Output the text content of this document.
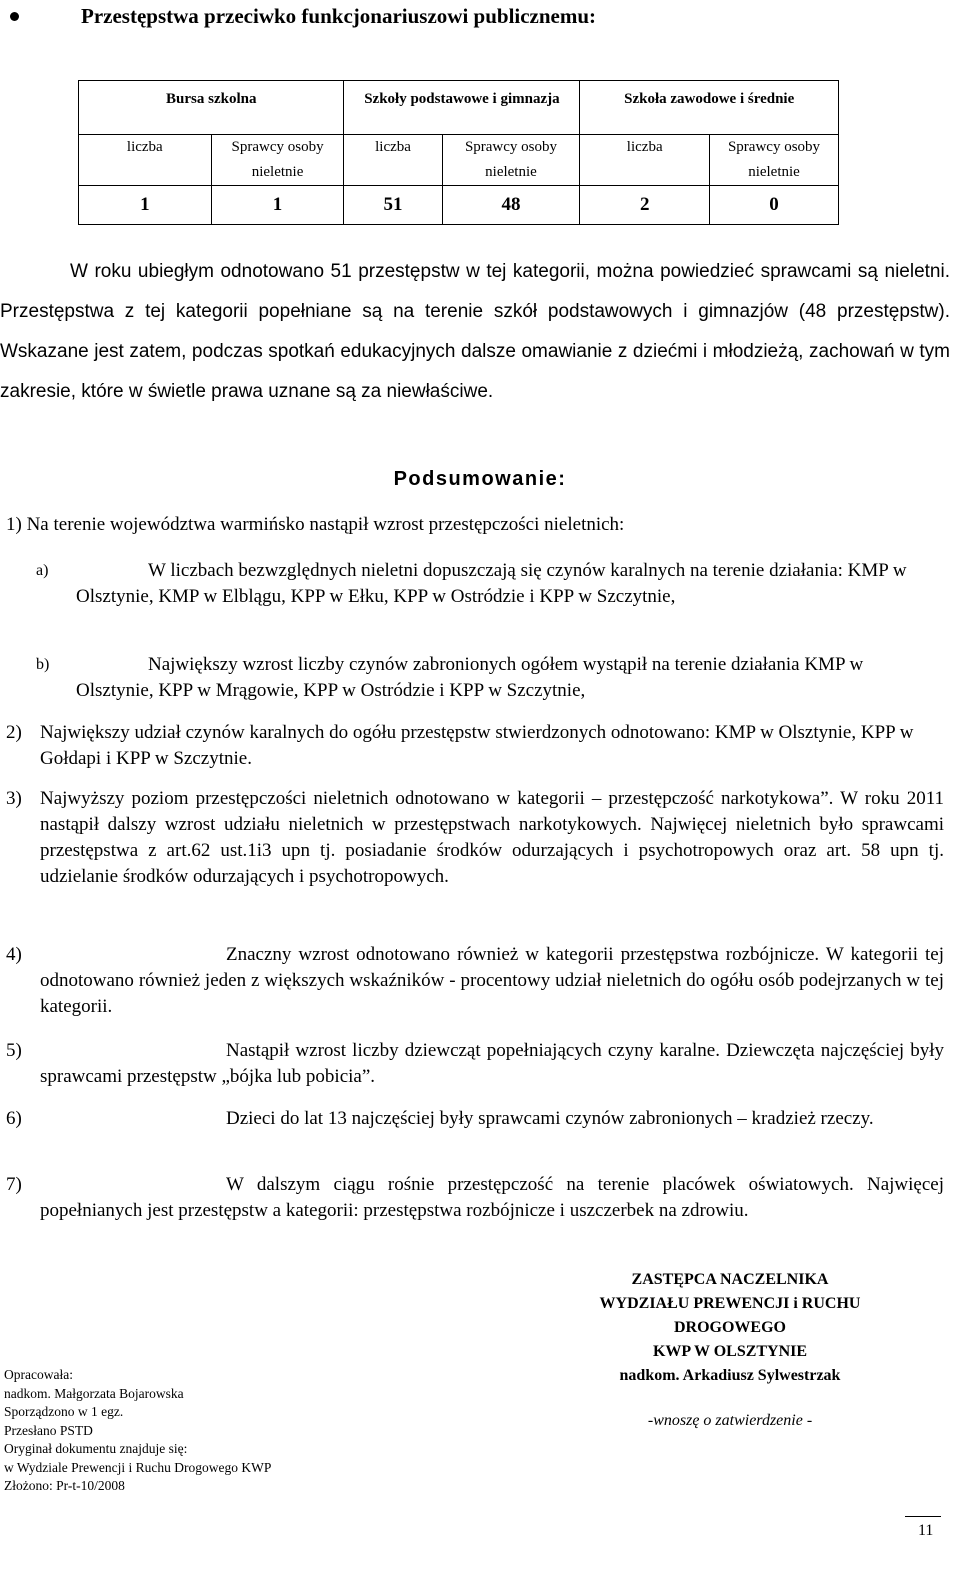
Przestępstwa przeciwko funkcjonariuszowi publicznemu:
Bursa szkolna		Szkoły podstawowe i gimnazja		Szkoła zawodowe i średnie	
liczba	Sprawcy osoby nieletnie	liczba	Sprawcy osoby nieletnie	liczba	Sprawcy osoby nieletnie
1	1	51	48	2	0
W roku ubiegłym odnotowano 51 przestępstw w tej kategorii, można powiedzieć sprawcami są nieletni. Przestępstwa z tej kategorii popełniane są na terenie szkół podstawowych i gimnazjów (48 przestępstw). Wskazane jest zatem, podczas spotkań edukacyjnych dalsze omawianie z dziećmi i młodzieżą, zachowań w tym zakresie, które w świetle prawa uznane są za niewłaściwe.
Podsumowanie:
1) Na terenie województwa warmińsko nastąpił wzrost przestępczości nieletnich:
a)	W liczbach bezwzględnych nieletni dopuszczają się czynów karalnych na terenie działania: KMP w Olsztynie, KMP w Elblągu, KPP w Ełku, KPP w Ostródzie i KPP w Szczytnie,
b)	Największy wzrost liczby czynów zabronionych ogółem wystąpił na terenie działania KMP w Olsztynie, KPP w Mrągowie, KPP w Ostródzie i KPP w Szczytnie,
2) Największy udział czynów karalnych do ogółu przestępstw stwierdzonych odnotowano: KMP w Olsztynie, KPP w Gołdapi i KPP w Szczytnie.
3) Najwyższy poziom przestępczości nieletnich odnotowano w kategorii – przestępczość narkotykowa”. W roku 2011 nastąpił dalszy wzrost udziału nieletnich w przestępstwach narkotykowych. Najwięcej nieletnich było sprawcami przestępstwa z art.62 ust.1i3 upn tj. posiadanie środków odurzających i psychotropowych oraz art. 58 upn tj. udzielanie środków odurzających i psychotropowych.
4)	Znaczny wzrost odnotowano również w kategorii przestępstwa rozbójnicze. W kategorii tej odnotowano również jeden z większych wskaźników - procentowy udział nieletnich do ogółu osób podejrzanych w tej kategorii.
5)	Nastąpił wzrost liczby dziewcząt popełniających czyny karalne. Dziewczęta najczęściej były sprawcami przestępstw „bójka lub pobicia”.
6)	Dzieci do lat 13 najczęściej były sprawcami czynów zabronionych – kradzież rzeczy.
7)	W dalszym ciągu rośnie przestępczość na terenie placówek oświatowych. Najwięcej popełnianych jest przestępstw a kategorii: przestępstwa rozbójnicze i uszczerbek na zdrowiu.
ZASTĘPCA NACZELNIKA
WYDZIAŁU PREWENCJI i RUCHU
DROGOWEGO
KWP W OLSZTYNIE
nadkom. Arkadiusz Sylwestrzak
-wnoszę o zatwierdzenie -
Opracowała:
nadkom. Małgorzata Bojarowska
Sporządzono w 1 egz.
Przesłano PSTD
Oryginał dokumentu znajduje się:
w Wydziale Prewencji i Ruchu Drogowego KWP
Złożono: Pr-t-10/2008
11
